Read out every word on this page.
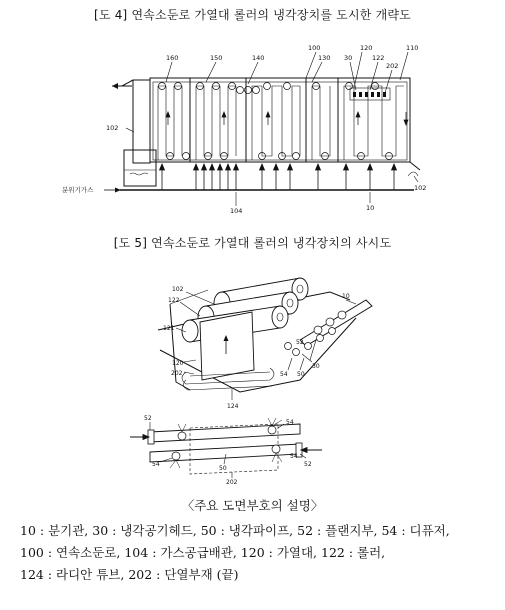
[도 4] 연속소둔로 가열대 롤러의 냉각장치를 도시한 개략도
160	150	140
100
130
120
30	122
202
110
102
102
104	10
분위기가스
102
122
121
120
202
124
10
30
54 50
52
52
54
54
50
54
52
202
[도 5] 연속소둔로 가열대 롤러의 냉각장치의 사시도
〈주요 도면부호의 설명〉
10 : 분기관, 30 : 냉각공기헤드, 50 : 냉각파이프, 52 : 플랜지부, 54 : 디퓨저, 100 : 연속소둔로, 104 : 가스공급배관, 120 : 가열대, 122 : 롤러, 124 : 라디안 튜브, 202 : 단열부재 (끝)
